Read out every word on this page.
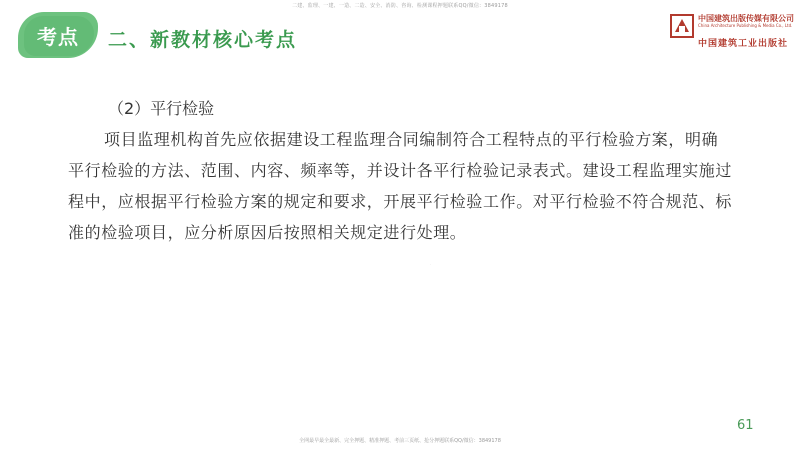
二建、监理、一建、一造、二造、安全、消防、咨询、检测课程押题联系QQ/微信：3849178
考点	二、新教材核心考点
中国建筑出版传媒有限公司
China Architecture Publishing & Media Co., Ltd.
中国建筑工业出版社
（2）平行检验
项目监理机构首先应依据建设工程监理合同编制符合工程特点的平行检验方案，明确平行检验的方法、范围、内容、频率等，并设计各平行检验记录表式。建设工程监理实施过程中，应根据平行检验方案的规定和要求，开展平行检验工作。对平行检验不符合规范、标准的检验项目，应分析原因后按照相关规定进行处理。
·
61
全网最早最全最新、完全押题、精准押题、考前三页纸、抢分押题联系QQ/微信：3849178
